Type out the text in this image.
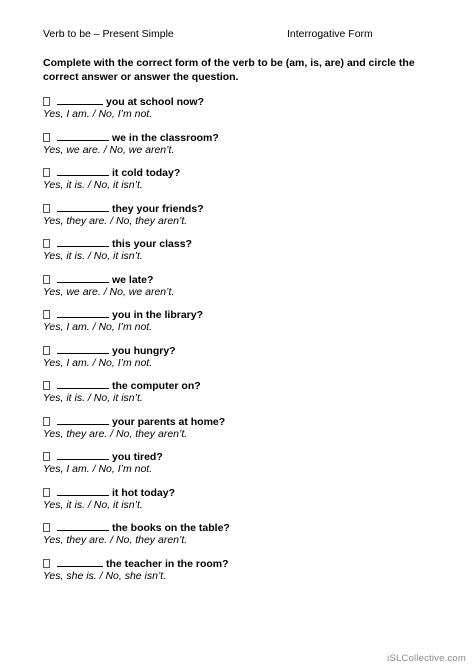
Verb to be – Present Simple	Interrogative Form
Complete with the correct form of the verb to be (am, is, are) and circle the correct answer or answer the question.
you at school now?
Yes, I am. / No, I’m not.
we in the classroom?
Yes, we are. / No, we aren’t.
it cold today?
Yes, it is. / No, it isn’t.
they your friends?
Yes, they are. / No, they aren’t.
this your class?
Yes, it is. / No, it isn’t.
we late?
Yes, we are. / No, we aren’t.
you in the library?
Yes, I am. / No, I’m not.
you hungry?
Yes, I am. / No, I’m not.
the computer on?
Yes, it is. / No, it isn’t.
your parents at home?
Yes, they are. / No, they aren’t.
you tired?
Yes, I am. / No, I’m not.
it hot today?
Yes, it is. / No, it isn’t.
the books on the table?
Yes, they are. / No, they aren’t.
the teacher in the room?
Yes, she is. / No, she isn’t.
iSLCollective.com
